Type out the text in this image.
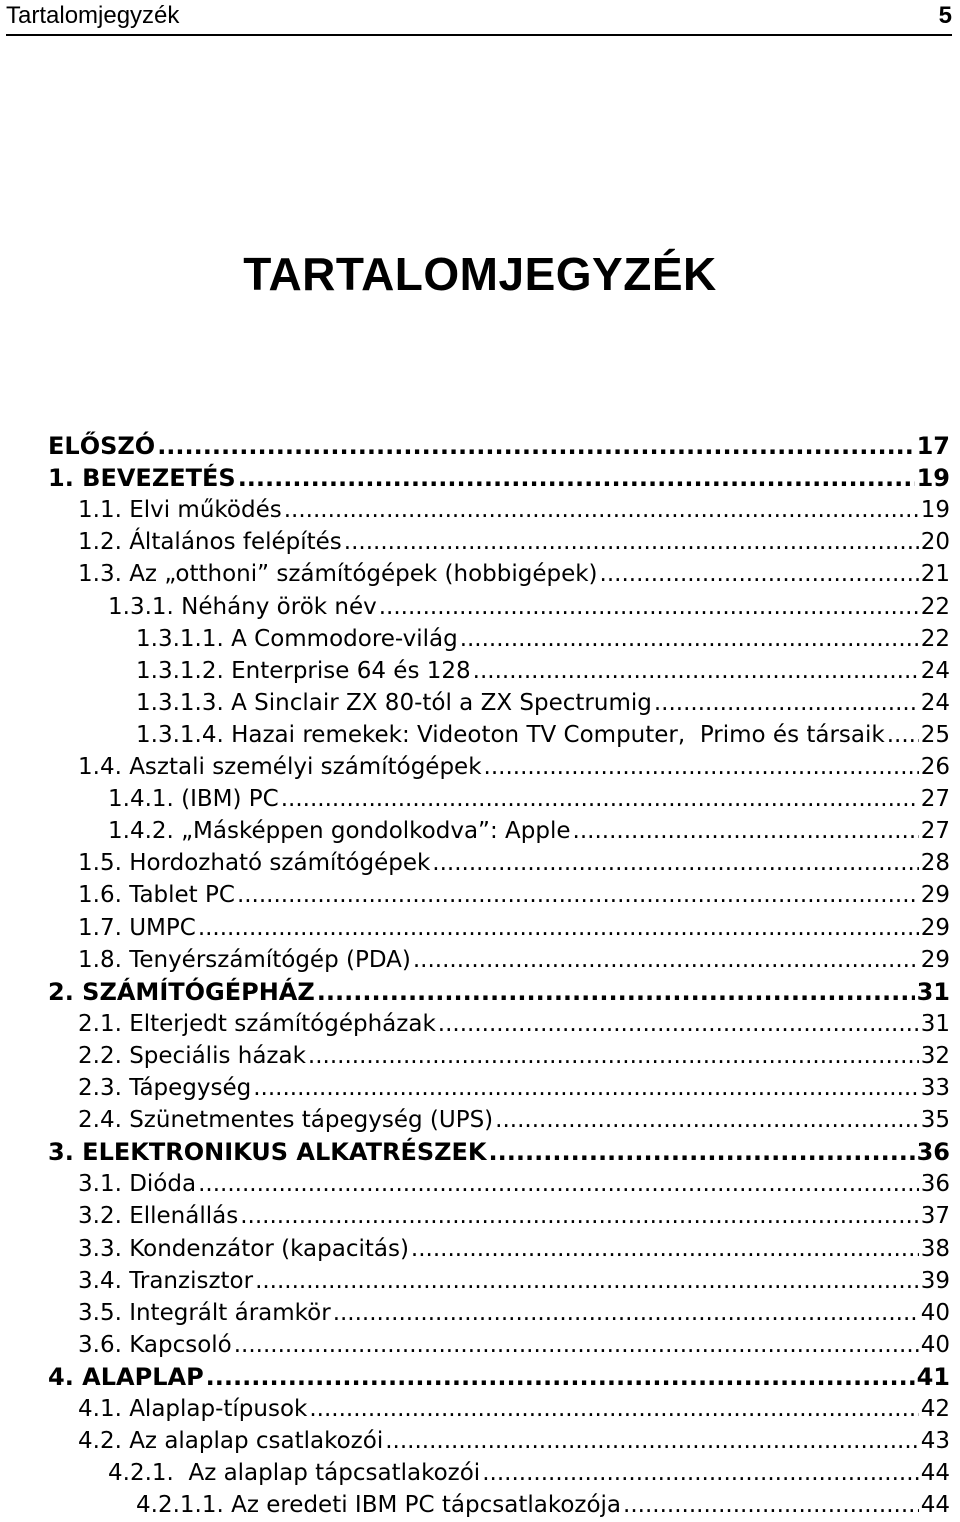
Tartalomjegyzék	5
TARTALOMJEGYZÉK
ELŐSZÓ .....	17
1. BEVEZETÉS .....	19
1.1. Elvi működés .....	19
1.2. Általános felépítés .....	20
1.3. Az „otthoni” számítógépek (hobbigépek) .....	21
1.3.1. Néhány örök név .....	22
1.3.1.1. A Commodore-világ .....	22
1.3.1.2. Enterprise 64 és 128 .....	24
1.3.1.3. A Sinclair ZX 80-tól a ZX Spectrumig .....	24
1.3.1.4. Hazai remekek: Videoton TV Computer,  Primo és társaik ..... 25
1.4. Asztali személyi számítógépek .....	26
1.4.1. (IBM) PC .....	27
1.4.2. „Másképpen gondolkodva”: Apple .....	27
1.5. Hordozható számítógépek .....	28
1.6. Tablet PC .....	29
1.7. UMPC .....	29
1.8. Tenyérszámítógép (PDA) .....	29
2. SZÁMÍTÓGÉPHÁZ .....	31
2.1. Elterjedt számítógépházak .....	31
2.2. Speciális házak .....	32
2.3. Tápegység .....	33
2.4. Szünetmentes tápegység (UPS) .....	35
3. ELEKTRONIKUS ALKATRÉSZEK .....	36
3.1. Dióda .....	36
3.2. Ellenállás .....	37
3.3. Kondenzátor (kapacitás) .....	38
3.4. Tranzisztor .....	39
3.5. Integrált áramkör .....	40
3.6. Kapcsoló .....	40
4. ALAPLAP .....	41
4.1. Alaplap-típusok .....	42
4.2. Az alaplap csatlakozói .....	43
4.2.1.  Az alaplap tápcsatlakozói .....	44
4.2.1.1. Az eredeti IBM PC tápcsatlakozója .....	44
